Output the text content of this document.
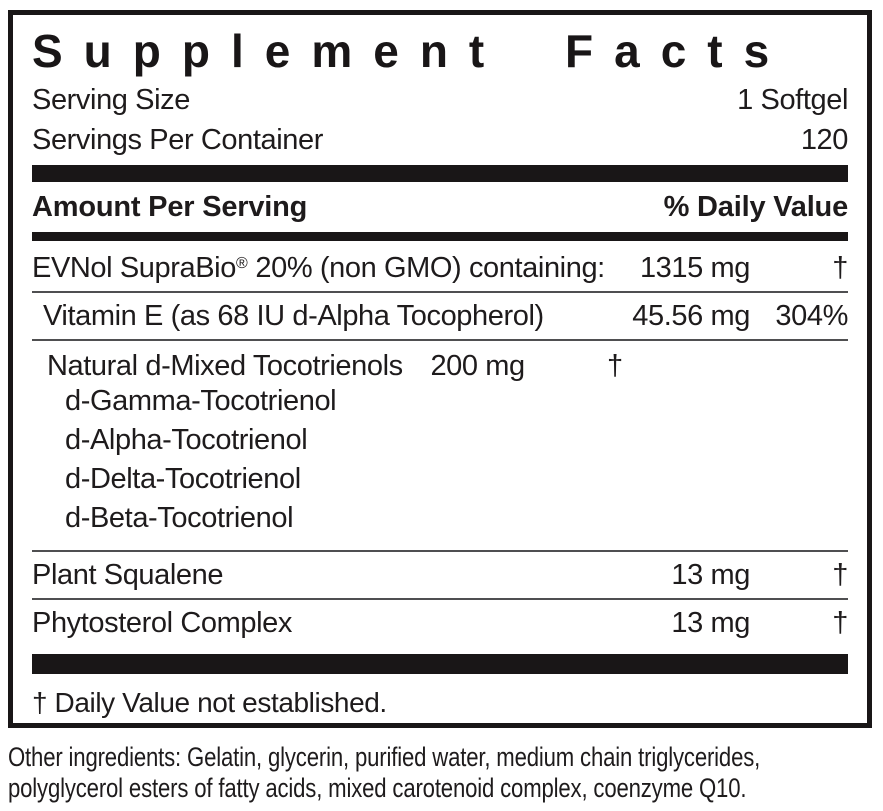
Supplement Facts
Serving Size	1 Softgel
Servings Per Container	120
Amount Per Serving	% Daily Value
EVNol SupraBio® 20% (non GMO) containing:	1315 mg	†
Vitamin E (as 68 IU d-Alpha Tocopherol)	45.56 mg 304%
Natural d-Mixed Tocotrienols 200 mg	†
d-Gamma-Tocotrienol
d-Alpha-Tocotrienol
d-Delta-Tocotrienol
d-Beta-Tocotrienol
Plant Squalene	13 mg	†
Phytosterol Complex	13 mg	†
† Daily Value not established.
Other ingredients: Gelatin, glycerin, purified water, medium chain triglycerides, polyglycerol esters of fatty acids, mixed carotenoid complex, coenzyme Q10.
